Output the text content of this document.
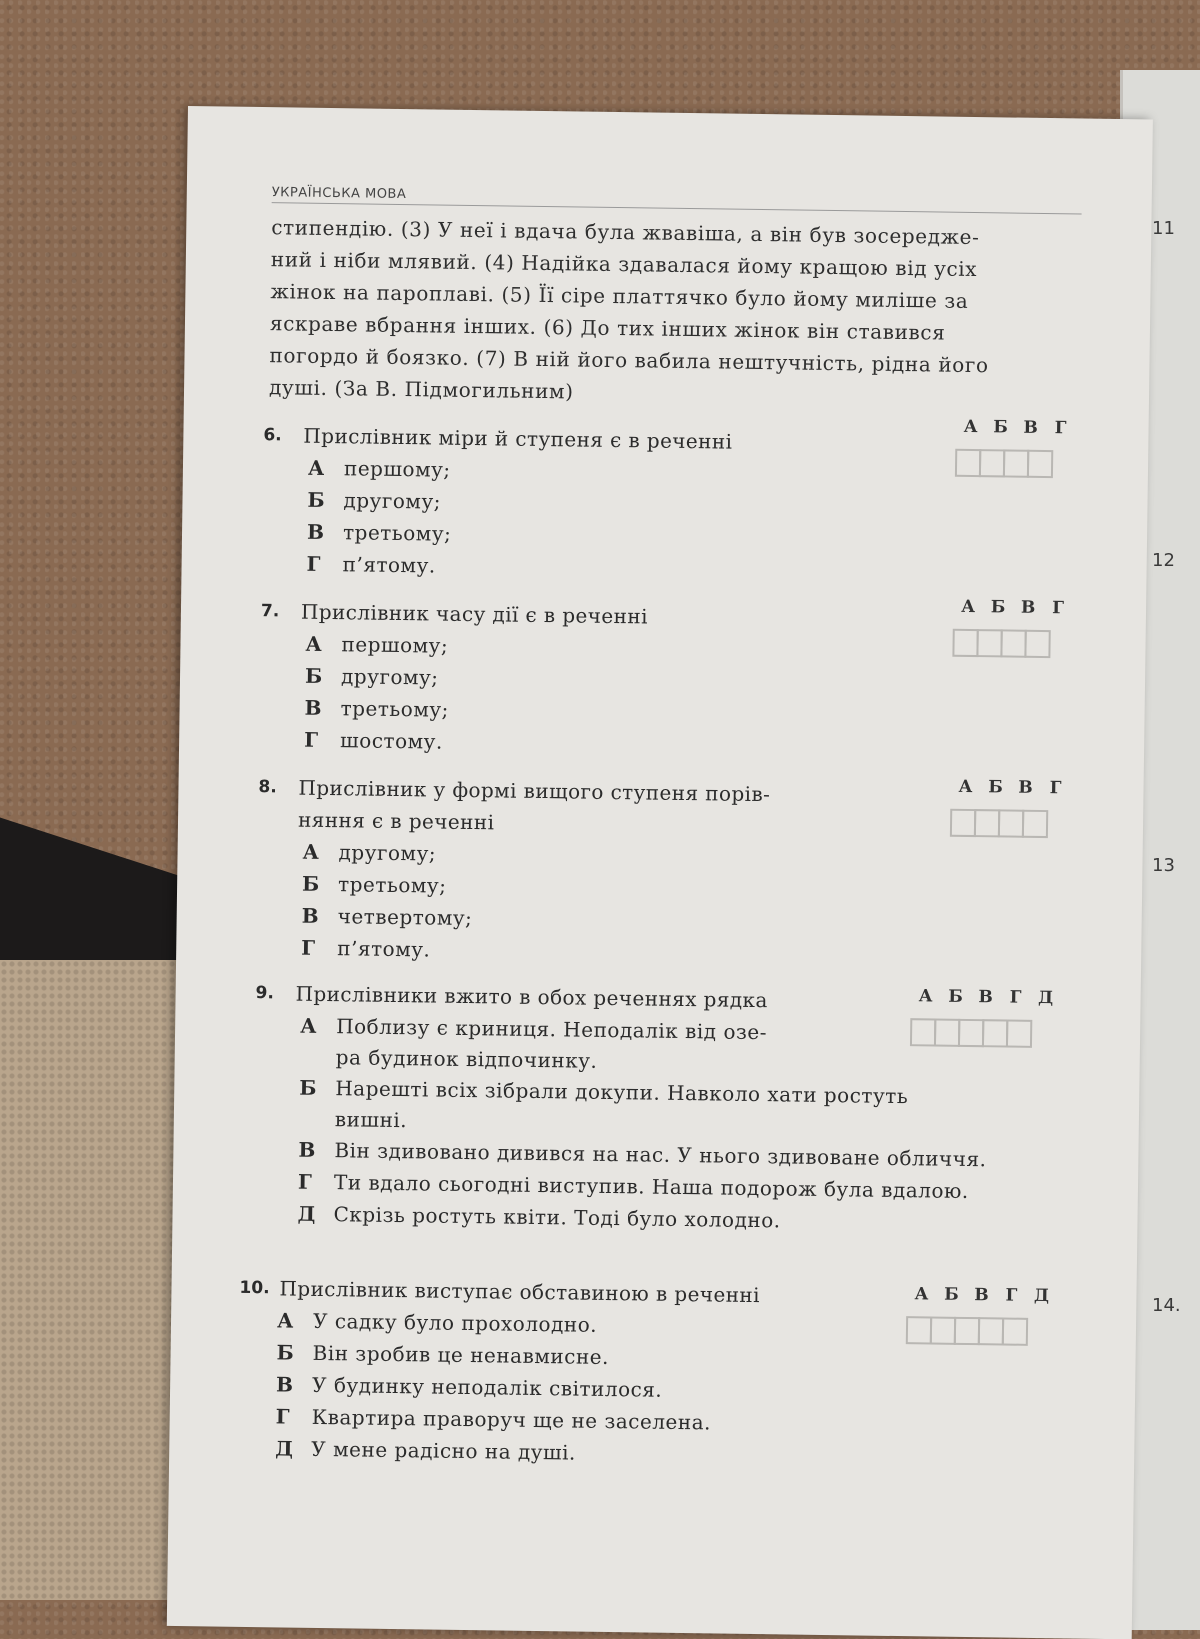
11
12
13
14.
УКРАЇНСЬКА МОВА
стипендію. (3) У неї і вдача була жвавіша, а він був зосередже-
ний і ніби млявий. (4) Надійка здавалася йому кращою від усіх
жінок на пароплаві. (5) Її сіре платтячко було йому миліше за
яскраве вбрання інших. (6) До тих інших жінок він ставився
погордо й боязко. (7) В ній його вабила нештучність, рідна його
душі. (За В. Підмогильним)
6.	Прислівник міри й ступеня є в реченні
А першому;
Б другому;
В третьому;
Г	п’ятому.
А Б В Г
7.	Прислівник часу дії є в реченні
А першому;
Б другому;
В третьому;
Г	шостому.
А Б В Г
8.	Прислівник у формі вищого ступеня порів-
няння є в реченні
А другому;
Б третьому;
В четвертому;
Г	п’ятому.
А Б В Г
9.	Прислівники вжито в обох реченнях рядка
А Поблизу є криниця. Неподалік від озе-
ра будинок відпочинку.
Б Нарешті всіх зібрали докупи. Навколо хати ростуть
вишні.
В Він здивовано дивився на нас. У нього здивоване обличчя.
Г	Ти вдало сьогодні виступив. Наша подорож була вдалою.
Д Скрізь ростуть квіти. Тоді було холодно.
А Б В Г Д
10. Прислівник виступає обставиною в реченні
А У садку було прохолодно.
Б Він зробив це ненавмисне.
В У будинку неподалік світилося.
Г	Квартира праворуч ще не заселена.
Д У мене радісно на душі.
А Б В Г Д
